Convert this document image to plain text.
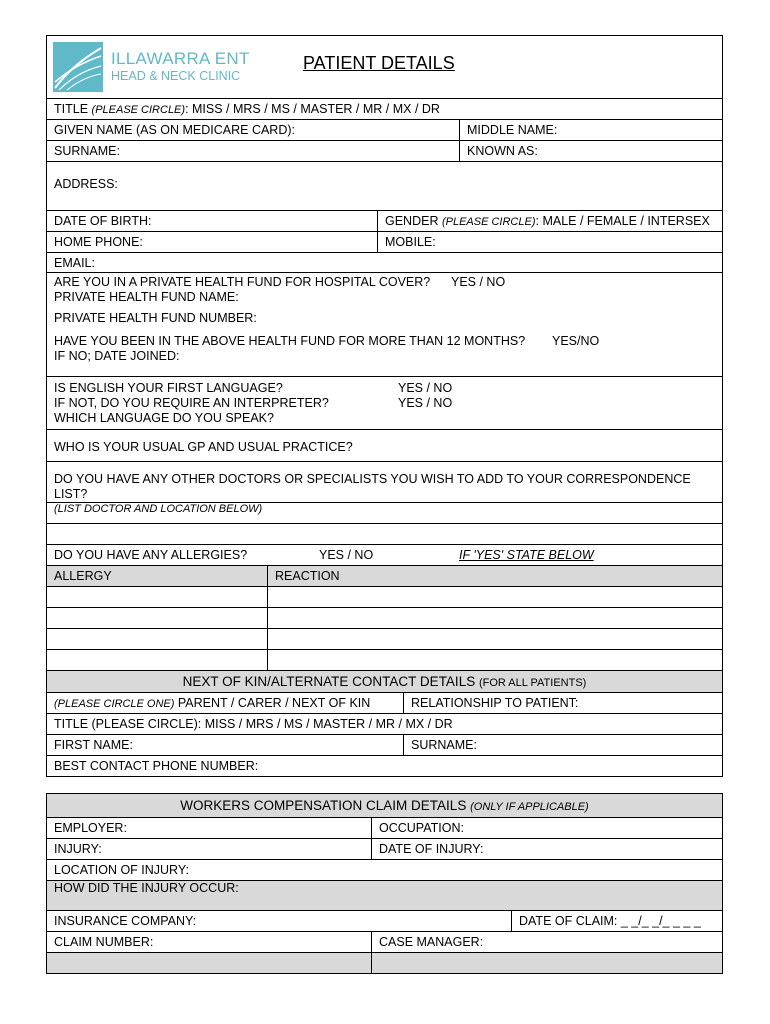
ILLAWARRA ENT
HEAD & NECK CLINIC
PATIENT DETAILS
TITLE (PLEASE CIRCLE): MISS / MRS / MS / MASTER / MR / MX / DR
GIVEN NAME (AS ON MEDICARE CARD):	MIDDLE NAME:
SURNAME:	KNOWN AS:
ADDRESS:
DATE OF BIRTH:	GENDER (PLEASE CIRCLE): MALE / FEMALE / INTERSEX
HOME PHONE:	MOBILE:
EMAIL:
ARE YOU IN A PRIVATE HEALTH FUND FOR HOSPITAL COVER?	YES / NO
PRIVATE HEALTH FUND NAME:
PRIVATE HEALTH FUND NUMBER:
HAVE YOU BEEN IN THE ABOVE HEALTH FUND FOR MORE THAN 12 MONTHS?	YES/NO
IF NO; DATE JOINED:
IS ENGLISH YOUR FIRST LANGUAGE?	YES / NO
IF NOT, DO YOU REQUIRE AN INTERPRETER?	YES / NO
WHICH LANGUAGE DO YOU SPEAK?
WHO IS YOUR USUAL GP AND USUAL PRACTICE?
DO YOU HAVE ANY OTHER DOCTORS OR SPECIALISTS YOU WISH TO ADD TO YOUR CORRESPONDENCE LIST?
(LIST DOCTOR AND LOCATION BELOW)
DO YOU HAVE ANY ALLERGIES?	YES / NO	IF 'YES' STATE BELOW
ALLERGY	REACTION
NEXT OF KIN/ALTERNATE CONTACT DETAILS (FOR ALL PATIENTS)
(PLEASE CIRCLE ONE) PARENT / CARER / NEXT OF KIN	RELATIONSHIP TO PATIENT:
TITLE (PLEASE CIRCLE): MISS / MRS / MS / MASTER / MR / MX / DR
FIRST NAME:	SURNAME:
BEST CONTACT PHONE NUMBER:
WORKERS COMPENSATION CLAIM DETAILS (ONLY IF APPLICABLE)
EMPLOYER:	OCCUPATION:
INJURY:	DATE OF INJURY:
LOCATION OF INJURY:
HOW DID THE INJURY OCCUR:
INSURANCE COMPANY:	DATE OF CLAIM: _ _/_ _/_ _ _ _
CLAIM NUMBER:	CASE MANAGER:
